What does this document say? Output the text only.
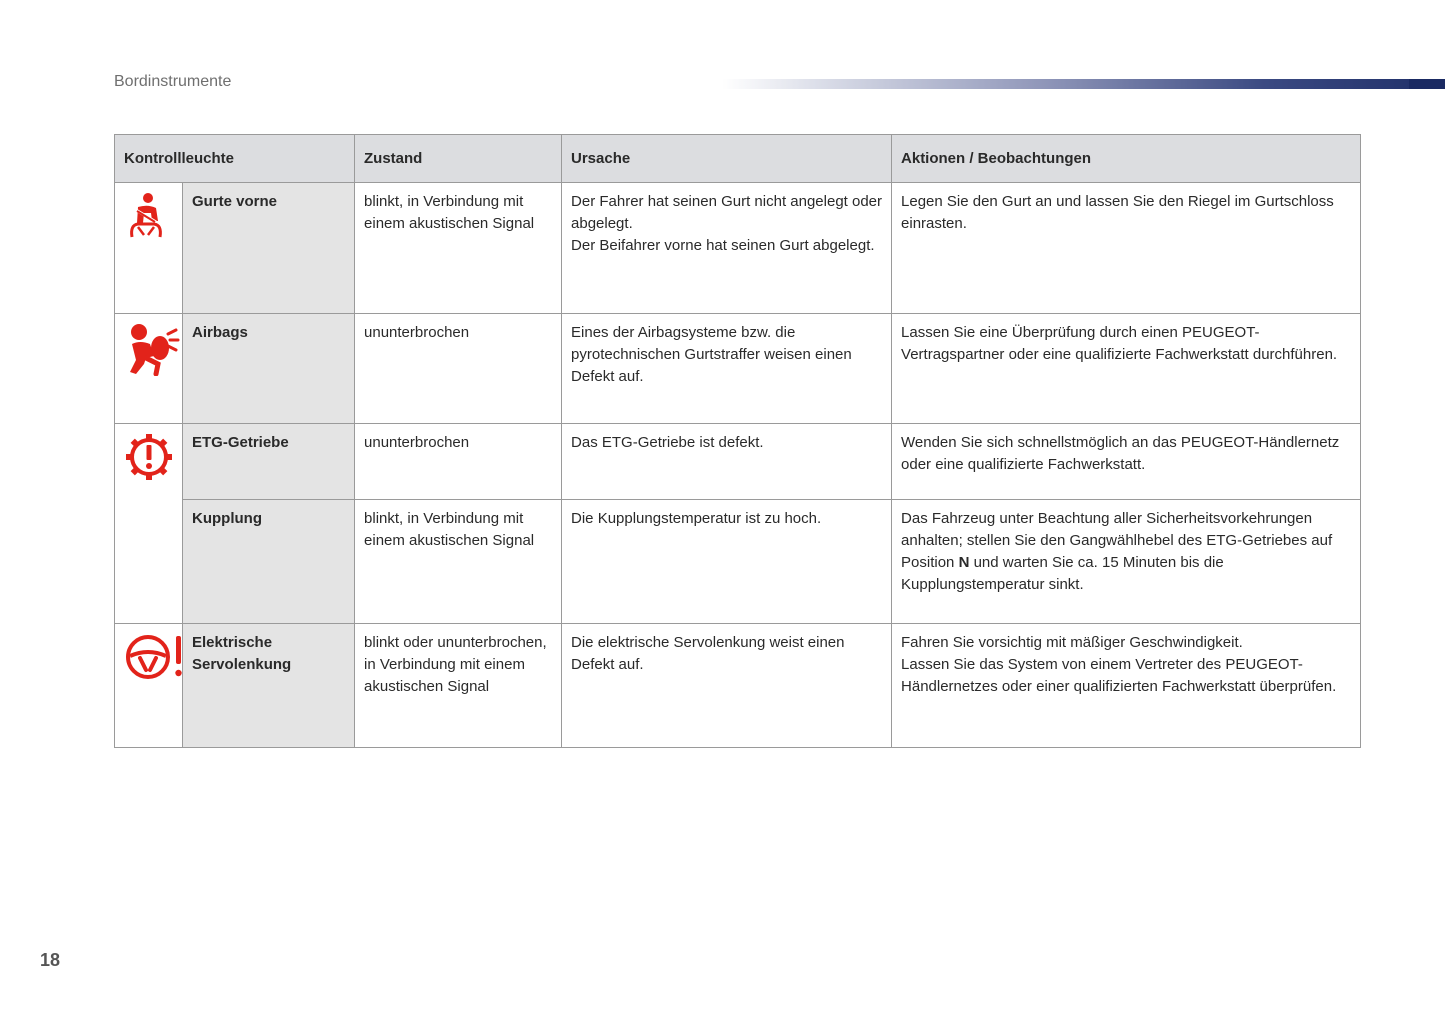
Bordinstrumente
Kontrollleuchte		Zustand	Ursache	Aktionen / Beobachtungen
	Gurte vorne	blinkt, in Verbindung mit einem akustischen Signal	Der Fahrer hat seinen Gurt nicht angelegt oder abgelegt.
Der Beifahrer vorne hat seinen Gurt abgelegt.	Legen Sie den Gurt an und lassen Sie den Riegel im Gurtschloss einrasten.
	Airbags	ununterbrochen	Eines der Airbagsysteme bzw. die pyrotechnischen Gurtstraffer weisen einen Defekt auf.	Lassen Sie eine Überprüfung durch einen PEUGEOT-Vertragspartner oder eine qualifizierte Fachwerkstatt durchführen.
	ETG-Getriebe	ununterbrochen	Das ETG-Getriebe ist defekt.	Wenden Sie sich schnellstmöglich an das PEUGEOT-Händlernetz oder eine qualifizierte Fachwerkstatt.
	Kupplung	blinkt, in Verbindung mit einem akustischen Signal	Die Kupplungstemperatur ist zu hoch.	Das Fahrzeug unter Beachtung aller Sicherheitsvorkehrungen anhalten; stellen Sie den Gangwählhebel des ETG-Getriebes auf Position N und warten Sie ca. 15 Minuten bis die Kupplungstemperatur sinkt.
	Elektrische Servolenkung	blinkt oder ununterbrochen, in Verbindung mit einem akustischen Signal	Die elektrische Servolenkung weist einen Defekt auf.	Fahren Sie vorsichtig mit mäßiger Geschwindigkeit.
Lassen Sie das System von einem Vertreter des PEUGEOT-Händlernetzes oder einer qualifizierten Fachwerkstatt überprüfen.
18
